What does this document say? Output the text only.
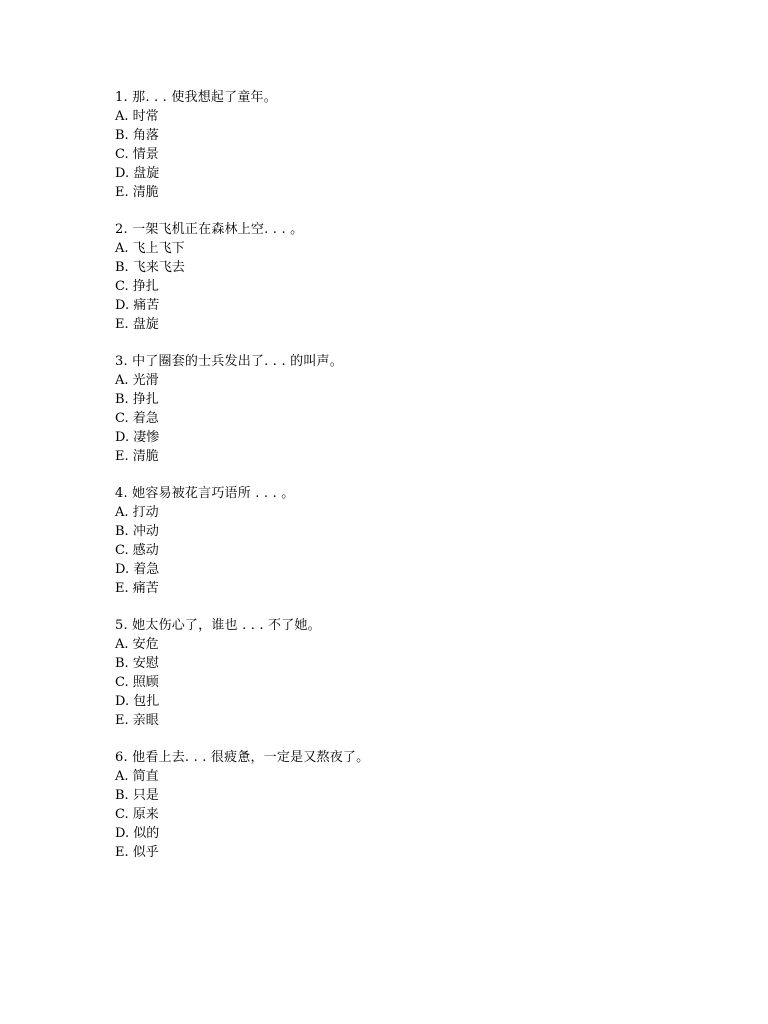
1. 那. . . 使我想起了童年。
A. 时常
B. 角落
C. 情景
D. 盘旋
E. 清脆
2. 一架飞机正在森林上空. . . 。
A. 飞上飞下
B. 飞来飞去
C. 挣扎
D. 痛苦
E. 盘旋
3. 中了圈套的士兵发出了. . . 的叫声。
A. 光滑
B. 挣扎
C. 着急
D. 凄惨
E. 清脆
4. 她容易被花言巧语所 . . . 。
A. 打动
B. 冲动
C. 感动
D. 着急
E. 痛苦
5. 她太伤心了，谁也 . . . 不了她。
A. 安危
B. 安慰
C. 照顾
D. 包扎
E. 亲眼
6. 他看上去. . . 很疲惫，一定是又熬夜了。
A. 简直
B. 只是
C. 原来
D. 似的
E. 似乎
